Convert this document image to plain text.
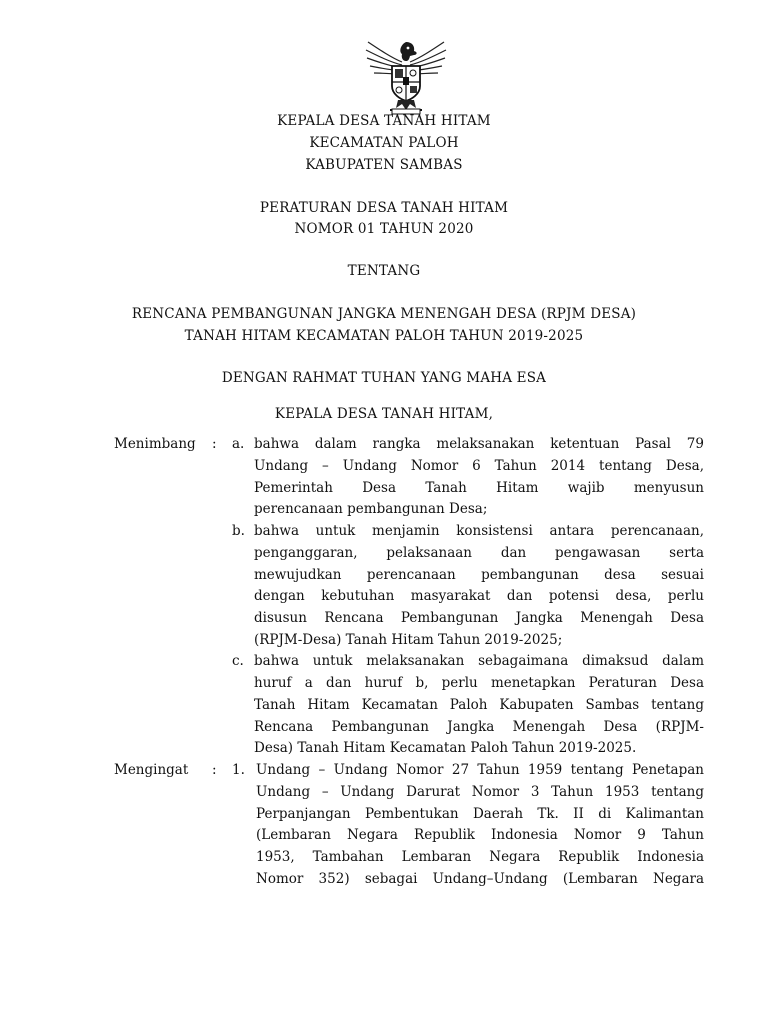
KEPALA DESA TANAH HITAM
KECAMATAN PALOH
KABUPATEN SAMBAS
PERATURAN DESA TANAH HITAM
NOMOR 01 TAHUN 2020
TENTANG
RENCANA PEMBANGUNAN JANGKA MENENGAH DESA (RPJM DESA)
TANAH HITAM KECAMATAN PALOH TAHUN 2019-2025
DENGAN RAHMAT TUHAN YANG MAHA ESA
KEPALA DESA TANAH HITAM,
Menimbang : a. bahwa dalam rangka melaksanakan ketentuan Pasal 79
Undang – Undang Nomor 6 Tahun 2014 tentang Desa,
Pemerintah Desa Tanah Hitam wajib menyusun
perencanaan pembangunan Desa;
b. bahwa untuk menjamin konsistensi antara perencanaan,
penganggaran, pelaksanaan dan pengawasan serta
mewujudkan perencanaan pembangunan desa sesuai
dengan kebutuhan masyarakat dan potensi desa, perlu
disusun Rencana Pembangunan Jangka Menengah Desa
(RPJM-Desa) Tanah Hitam Tahun 2019-2025;
c. bahwa untuk melaksanakan sebagaimana dimaksud dalam
huruf a dan huruf b, perlu menetapkan Peraturan Desa
Tanah Hitam Kecamatan Paloh Kabupaten Sambas tentang
Rencana Pembangunan Jangka Menengah Desa (RPJM-
Desa) Tanah Hitam Kecamatan Paloh Tahun 2019-2025.
Mengingat : 1. Undang – Undang Nomor 27 Tahun 1959 tentang Penetapan
Undang – Undang Darurat Nomor 3 Tahun 1953 tentang
Perpanjangan Pembentukan Daerah Tk. II di Kalimantan
(Lembaran Negara Republik Indonesia Nomor 9 Tahun
1953, Tambahan Lembaran Negara Republik Indonesia
Nomor 352) sebagai Undang–Undang (Lembaran Negara
